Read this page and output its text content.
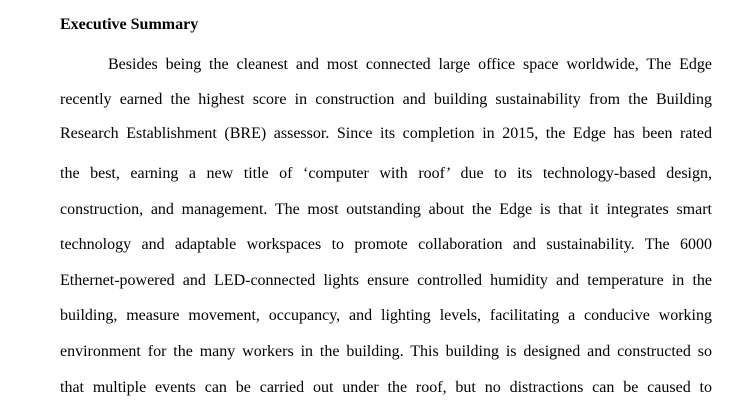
Executive Summary
Besides being the cleanest and most connected large office space worldwide, The Edge
recently earned the highest score in construction and building sustainability from the Building
Research Establishment (BRE) assessor. Since its completion in 2015, the Edge has been rated
the best, earning a new title of ‘computer with roof’ due to its technology-based design,
construction, and management. The most outstanding about the Edge is that it integrates smart
technology and adaptable workspaces to promote collaboration and sustainability. The 6000
Ethernet-powered and LED-connected lights ensure controlled humidity and temperature in the
building, measure movement, occupancy, and lighting levels, facilitating a conducive working
environment for the many workers in the building. This building is designed and constructed so
that multiple events can be carried out under the roof, but no distractions can be caused to
